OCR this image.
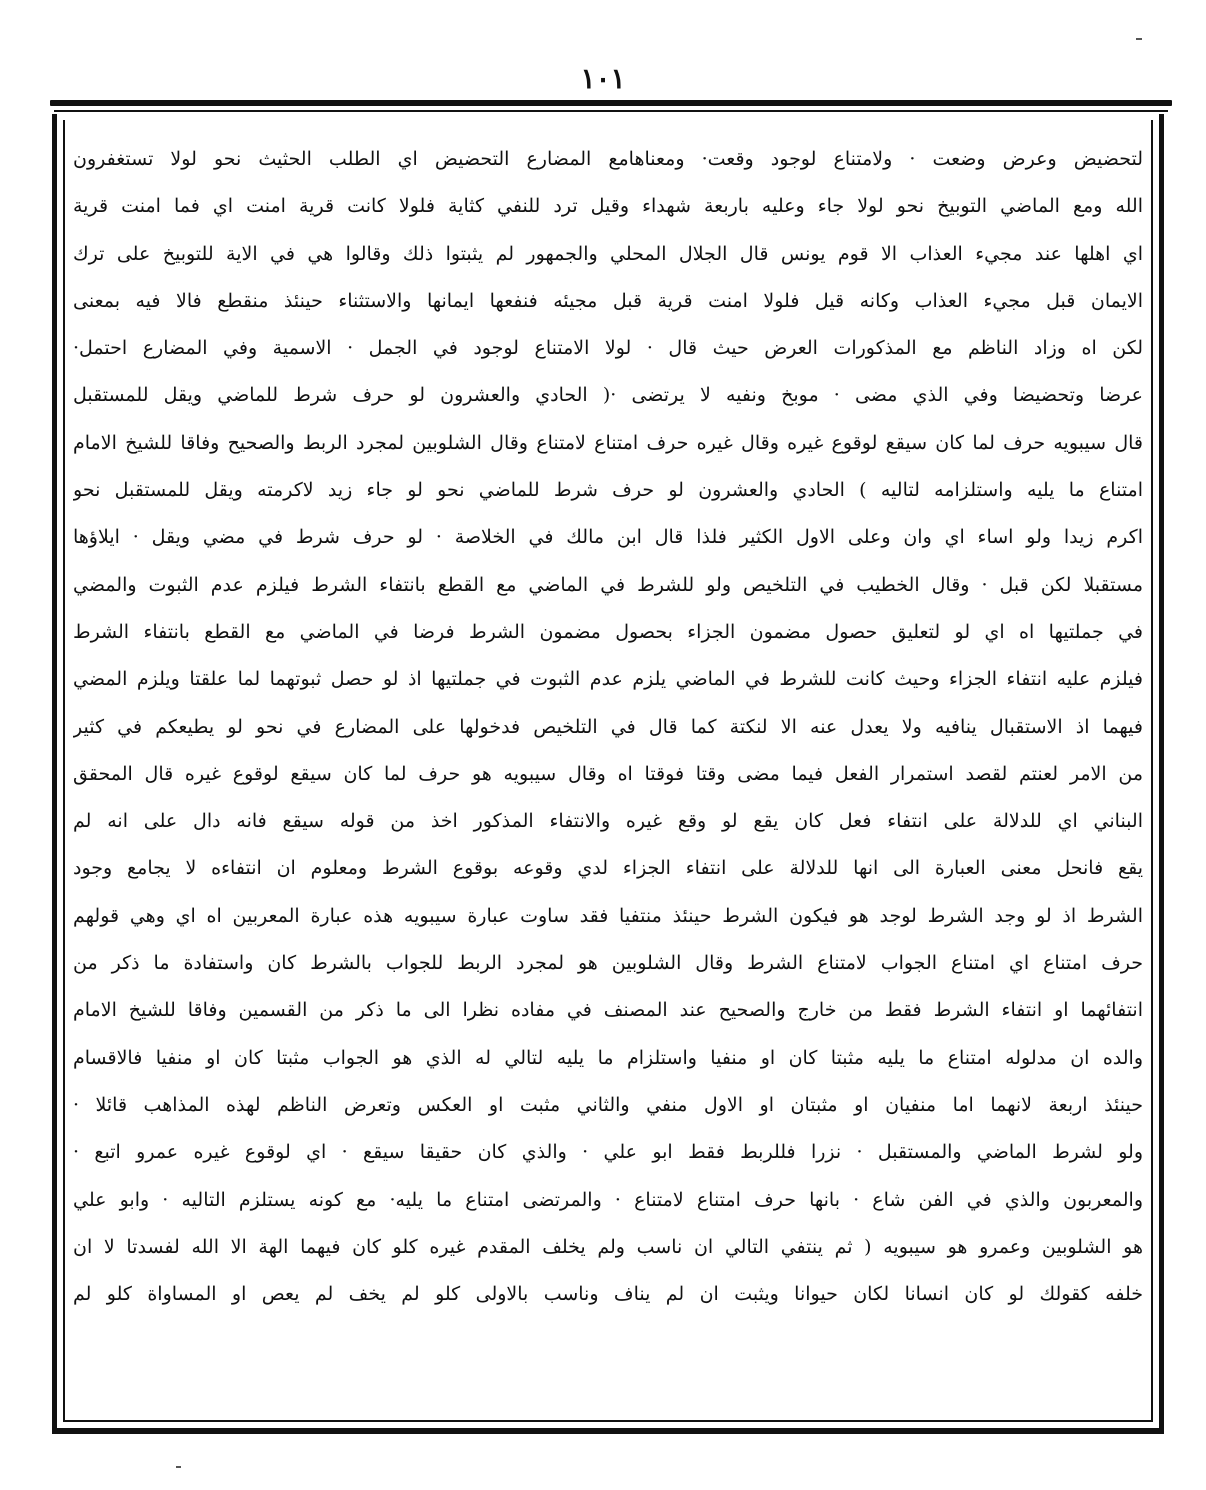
١٠١
لتحضيض وعرض وضعت · ولامتناع لوجود وقعت· ومعناهامع المضارع التحضيض اي الطلب الحثيث نحو لولا تستغفرون
الله ومع الماضي التوبيخ نحو لولا جاء وعليه باربعة شهداء وقيل ترد للنفي كثاية فلولا كانت قرية امنت اي فما امنت قرية
اي اهلها عند مجيء العذاب الا قوم يونس قال الجلال المحلي والجمهور لم يثبتوا ذلك وقالوا هي في الاية للتوبيخ على ترك
الايمان قبل مجيء العذاب وكانه قيل فلولا امنت قرية قبل مجيئه فنفعها ايمانها والاستثناء حينئذ منقطع فالا فيه بمعنى
لكن اه وزاد الناظم مع المذكورات العرض حيث قال · لولا الامتناع لوجود في الجمل · الاسمية وفي المضارع احتمل·
عرضا وتحضيضا وفي الذي مضى · موبخ ونفيه لا يرتضى ·( الحادي والعشرون لو حرف شرط للماضي ويقل للمستقبل
قال سيبويه حرف لما كان سيقع لوقوع غيره وقال غيره حرف امتناع لامتناع وقال الشلوبين لمجرد الربط والصحيح وفاقا للشيخ الامام
امتناع ما يليه واستلزامه لتاليه ) الحادي والعشرون لو حرف شرط للماضي نحو لو جاء زيد لاكرمته ويقل للمستقبل نحو
اكرم زيدا ولو اساء اي وان وعلى الاول الكثير فلذا قال ابن مالك في الخلاصة · لو حرف شرط في مضي ويقل · ايلاؤها
مستقبلا لكن قبل · وقال الخطيب في التلخيص ولو للشرط في الماضي مع القطع بانتفاء الشرط فيلزم عدم الثبوت والمضي
في جملتيها اه اي لو لتعليق حصول مضمون الجزاء بحصول مضمون الشرط فرضا في الماضي مع القطع بانتفاء الشرط
فيلزم عليه انتفاء الجزاء وحيث كانت للشرط في الماضي يلزم عدم الثبوت في جملتيها اذ لو حصل ثبوتهما لما علقتا ويلزم المضي
فيهما اذ الاستقبال ينافيه ولا يعدل عنه الا لنكتة كما قال في التلخيص فدخولها على المضارع في نحو لو يطيعكم في كثير
من الامر لعنتم لقصد استمرار الفعل فيما مضى وقتا فوقتا اه وقال سيبويه هو حرف لما كان سيقع لوقوع غيره قال المحقق
البناني اي للدلالة على انتفاء فعل كان يقع لو وقع غيره والانتفاء المذكور اخذ من قوله سيقع فانه دال على انه لم
يقع فانحل معنى العبارة الى انها للدلالة على انتفاء الجزاء لدي وقوعه بوقوع الشرط ومعلوم ان انتفاءه لا يجامع وجود
الشرط اذ لو وجد الشرط لوجد هو فيكون الشرط حينئذ منتفيا فقد ساوت عبارة سيبويه هذه عبارة المعربين اه اي وهي قولهم
حرف امتناع اي امتناع الجواب لامتناع الشرط وقال الشلوبين هو لمجرد الربط للجواب بالشرط كان واستفادة ما ذكر من
انتفائهما او انتفاء الشرط فقط من خارج والصحيح عند المصنف في مفاده نظرا الى ما ذكر من القسمين وفاقا للشيخ الامام
والده ان مدلوله امتناع ما يليه مثبتا كان او منفيا واستلزام ما يليه لتالي له الذي هو الجواب مثبتا كان او منفيا فالاقسام
حينئذ اربعة لانهما اما منفيان او مثبتان او الاول منفي والثاني مثبت او العكس وتعرض الناظم لهذه المذاهب قائلا ·
ولو لشرط الماضي والمستقبل · نزرا فللربط فقط ابو علي · والذي كان حقيقا سيقع · اي لوقوع غيره عمرو اتبع ·
والمعربون والذي في الفن شاع · بانها حرف امتناع لامتناع · والمرتضى امتناع ما يليه· مع كونه يستلزم التاليه · وابو علي
هو الشلوبين وعمرو هو سيبويه ( ثم ينتفي التالي ان ناسب ولم يخلف المقدم غيره كلو كان فيهما الهة الا الله لفسدتا لا ان
خلفه كقولك لو كان انسانا لكان حيوانا ويثبت ان لم يناف وناسب بالاولى كلو لم يخف لم يعص او المساواة كلو لم
